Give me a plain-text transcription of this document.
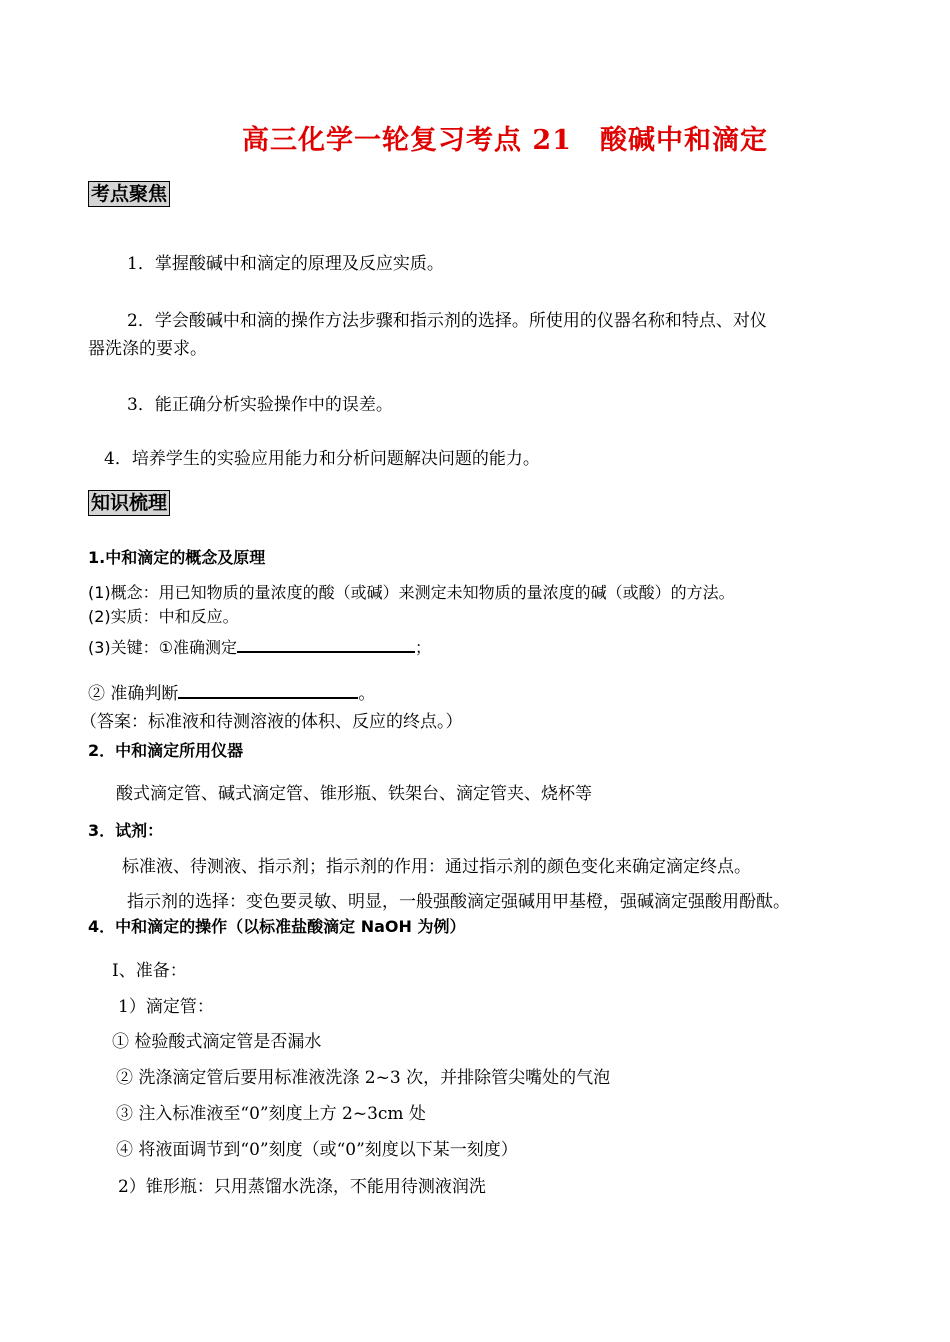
高三化学一轮复习考点 21　酸碱中和滴定
考点聚焦
1．掌握酸碱中和滴定的原理及反应实质。
2．学会酸碱中和滴的操作方法步骤和指示剂的选择。所使用的仪器名称和特点、对仪
器洗涤的要求。
3．能正确分析实验操作中的误差。
4．培养学生的实验应用能力和分析问题解决问题的能力。
知识梳理
1.中和滴定的概念及原理
(1)概念：用已知物质的量浓度的酸（或碱）来测定未知物质的量浓度的碱（或酸）的方法。
(2)实质：中和反应。
(3)关键：①准确测定	；
② 准确判断	。
（答案：标准液和待测溶液的体积、反应的终点。）
2．中和滴定所用仪器
酸式滴定管、碱式滴定管、锥形瓶、铁架台、滴定管夹、烧杯等
3．试剂：
标准液、待测液、指示剂；指示剂的作用：通过指示剂的颜色变化来确定滴定终点。
指示剂的选择：变色要灵敏、明显，一般强酸滴定强碱用甲基橙，强碱滴定强酸用酚酞。
4．中和滴定的操作（以标准盐酸滴定 NaOH 为例）
Ⅰ、准备：
1）滴定管：
① 检验酸式滴定管是否漏水
② 洗涤滴定管后要用标准液洗涤 2~3 次，并排除管尖嘴处的气泡
③ 注入标准液至“0”刻度上方 2~3cm 处
④ 将液面调节到“0”刻度（或“0”刻度以下某一刻度）
2）锥形瓶：只用蒸馏水洗涤，不能用待测液润洗
